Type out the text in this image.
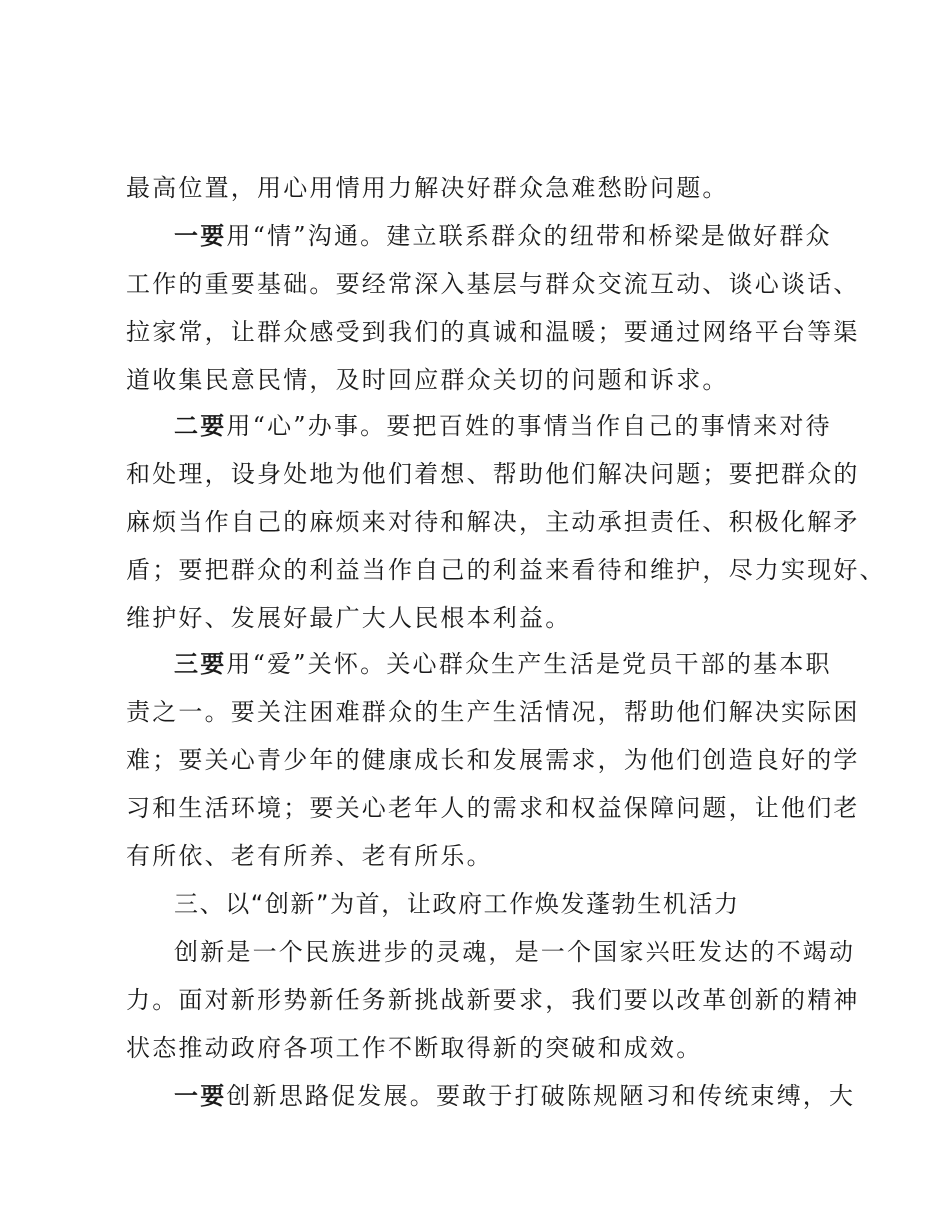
最高位置，用心用情用力解决好群众急难愁盼问题。
一要用“情”沟通。建立联系群众的纽带和桥梁是做好群众
工作的重要基础。要经常深入基层与群众交流互动、谈心谈话、
拉家常，让群众感受到我们的真诚和温暖；要通过网络平台等渠
道收集民意民情，及时回应群众关切的问题和诉求。
二要用“心”办事。要把百姓的事情当作自己的事情来对待
和处理，设身处地为他们着想、帮助他们解决问题；要把群众的
麻烦当作自己的麻烦来对待和解决，主动承担责任、积极化解矛
盾；要把群众的利益当作自己的利益来看待和维护，尽力实现好、
维护好、发展好最广大人民根本利益。
三要用“爱”关怀。关心群众生产生活是党员干部的基本职
责之一。要关注困难群众的生产生活情况，帮助他们解决实际困
难；要关心青少年的健康成长和发展需求，为他们创造良好的学
习和生活环境；要关心老年人的需求和权益保障问题，让他们老
有所依、老有所养、老有所乐。
三、以“创新”为首，让政府工作焕发蓬勃生机活力
创新是一个民族进步的灵魂，是一个国家兴旺发达的不竭动
力。面对新形势新任务新挑战新要求，我们要以改革创新的精神
状态推动政府各项工作不断取得新的突破和成效。
一要创新思路促发展。要敢于打破陈规陋习和传统束缚，大
